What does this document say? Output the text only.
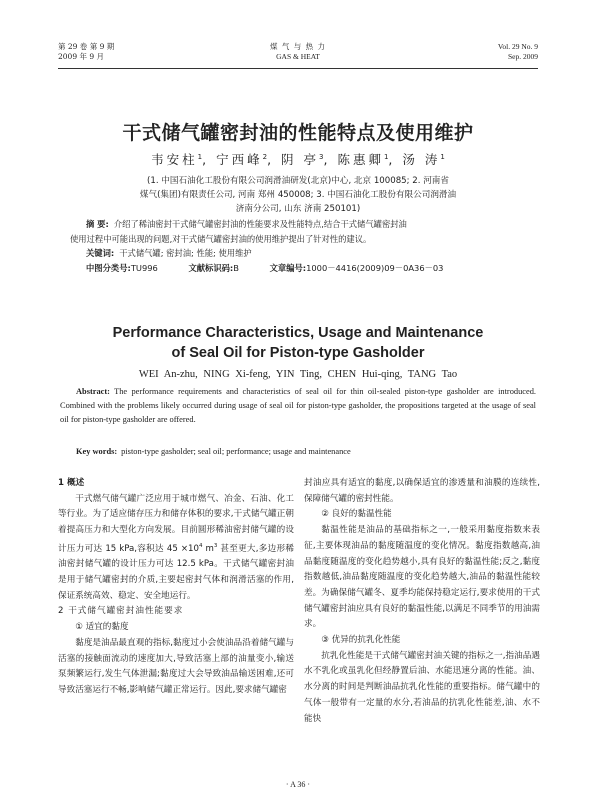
第 29 卷 第 9 期
2009 年 9 月
煤 气 与 热 力
GAS & HEAT
Vol. 29 No. 9
Sep. 2009
干式储气罐密封油的性能特点及使用维护
韦安柱$^1$, 宁西峰$^2$, 阴 亭$^3$, 陈惠卿$^1$, 汤 涛$^1$
(1. 中国石油化工股份有限公司润滑油研发(北京)中心, 北京 100085; 2. 河南省
煤气(集团)有限责任公司, 河南 郑州 450008; 3. 中国石油化工股份有限公司润滑油
济南分公司, 山东 济南 250101)
摘 要: 介绍了稀油密封干式储气罐密封油的性能要求及性能特点,结合干式储气罐密封油
使用过程中可能出现的问题,对干式储气罐密封油的使用维护提出了针对性的建议。
关键词: 干式储气罐; 密封油; 性能; 使用维护
中图分类号:TU996	文献标识码:B	文章编号:1000－4416(2009)09－0A36－03
Performance Characteristics, Usage and Maintenance
of Seal Oil for Piston-type Gasholder
WEI An-zhu, NING Xi-feng, YIN Ting, CHEN Hui-qing, TANG Tao
Abstract: The performance requirements and characteristics of seal oil for thin oil-sealed piston-type gasholder are introduced. Combined with the problems likely occurred during usage of seal oil for piston-type gasholder, the propositions targeted at the usage of seal oil for piston-type gasholder are offered.
Key words: piston-type gasholder; seal oil; performance; usage and maintenance
1 概述

干式燃气储气罐广泛应用于城市燃气、冶金、石油、化工等行业。为了适应储存压力和储存体积的要求,干式储气罐正朝着提高压力和大型化方向发展。目前圆形稀油密封储气罐的设计压力可达 15 kPa,容积达 $45 \times 10^4$ $m^3$ 甚至更大,多边形稀油密封储气罐的设计压力可达 12.5 kPa。干式储气罐密封油是用于储气罐密封的介质,主要起密封气体和润滑活塞的作用,保证系统高效、稳定、安全地运行。

2 干式储气罐密封油性能要求
① 适宜的黏度

黏度是油品最直观的指标,黏度过小会使油品沿着储气罐与活塞的接触面流动的速度加大,导致活塞上部的油量变小,输送泵频繁运行,发生气体泄漏;黏度过大会导致油品输送困难,还可导致活塞运行不畅,影响储气罐正常运行。因此,要求储气罐密

封油应具有适宜的黏度,以确保适宜的渗透量和油膜的连续性,保障储气罐的密封性能。

② 良好的黏温性能

黏温性能是油品的基础指标之一,一般采用黏度指数来表征,主要体现油品的黏度随温度的变化情况。黏度指数越高,油品黏度随温度的变化趋势越小,具有良好的黏温性能;反之,黏度指数越低,油品黏度随温度的变化趋势越大,油品的黏温性能较差。为确保储气罐冬、夏季均能保持稳定运行,要求使用的干式储气罐密封油应具有良好的黏温性能,以满足不同季节的用油需求。

③ 优异的抗乳化性能

抗乳化性能是干式储气罐密封油关键的指标之一,指油品遇水不乳化或虽乳化但经静置后油、水能迅速分离的性能。油、水分离的时间是判断油品抗乳化性能的重要指标。储气罐中的气体一般带有一定量的水分,若油品的抗乳化性能差,油、水不能快

· A 36 ·
